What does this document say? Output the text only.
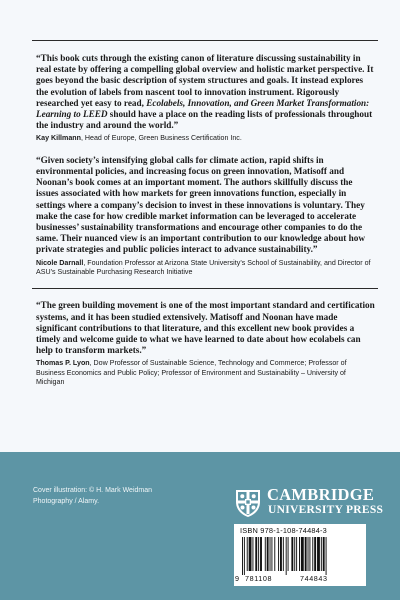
“This book cuts through the existing canon of literature discussing sustainability in real estate by offering a compelling global overview and holistic market perspective. It goes beyond the basic description of system structures and goals. It instead explores the evolution of labels from nascent tool to innovation instrument. Rigorously researched yet easy to read, Ecolabels, Innovation, and Green Market Transformation: Learning to LEED should have a place on the reading lists of professionals throughout the industry and around the world.”

Kay Killmann, Head of Europe, Green Business Certification Inc.

“Given society’s intensifying global calls for climate action, rapid shifts in environmental policies, and increasing focus on green innovation, Matisoff and Noonan’s book comes at an important moment. The authors skillfully discuss the issues associated with how markets for green innovations function, especially in settings where a company’s decision to invest in these innovations is voluntary. They make the case for how credible market information can be leveraged to accelerate businesses’ sustainability transformations and encourage other companies to do the same. Their nuanced view is an important contribution to our knowledge about how private strategies and public policies interact to advance sustainability.”

Nicole Darnall, Foundation Professor at Arizona State University’s School of Sustainability, and Director of ASU’s Sustainable Purchasing Research Initiative

“The green building movement is one of the most important standard and certification systems, and it has been studied extensively. Matisoff and Noonan have made significant contributions to that literature, and this excellent new book provides a timely and welcome guide to what we have learned to date about how ecolabels can help to transform markets.”

Thomas P. Lyon, Dow Professor of Sustainable Science, Technology and Commerce; Professor of Business Economics and Public Policy; Professor of Environment and Sustainability – University of Michigan

Cover illustration: © H. Mark Weidman
Photography / Alamy.	CAMBRIDGE
UNIVERSITY PRESS
ISBN 978-1-108-74484-3
9 781108	744843
